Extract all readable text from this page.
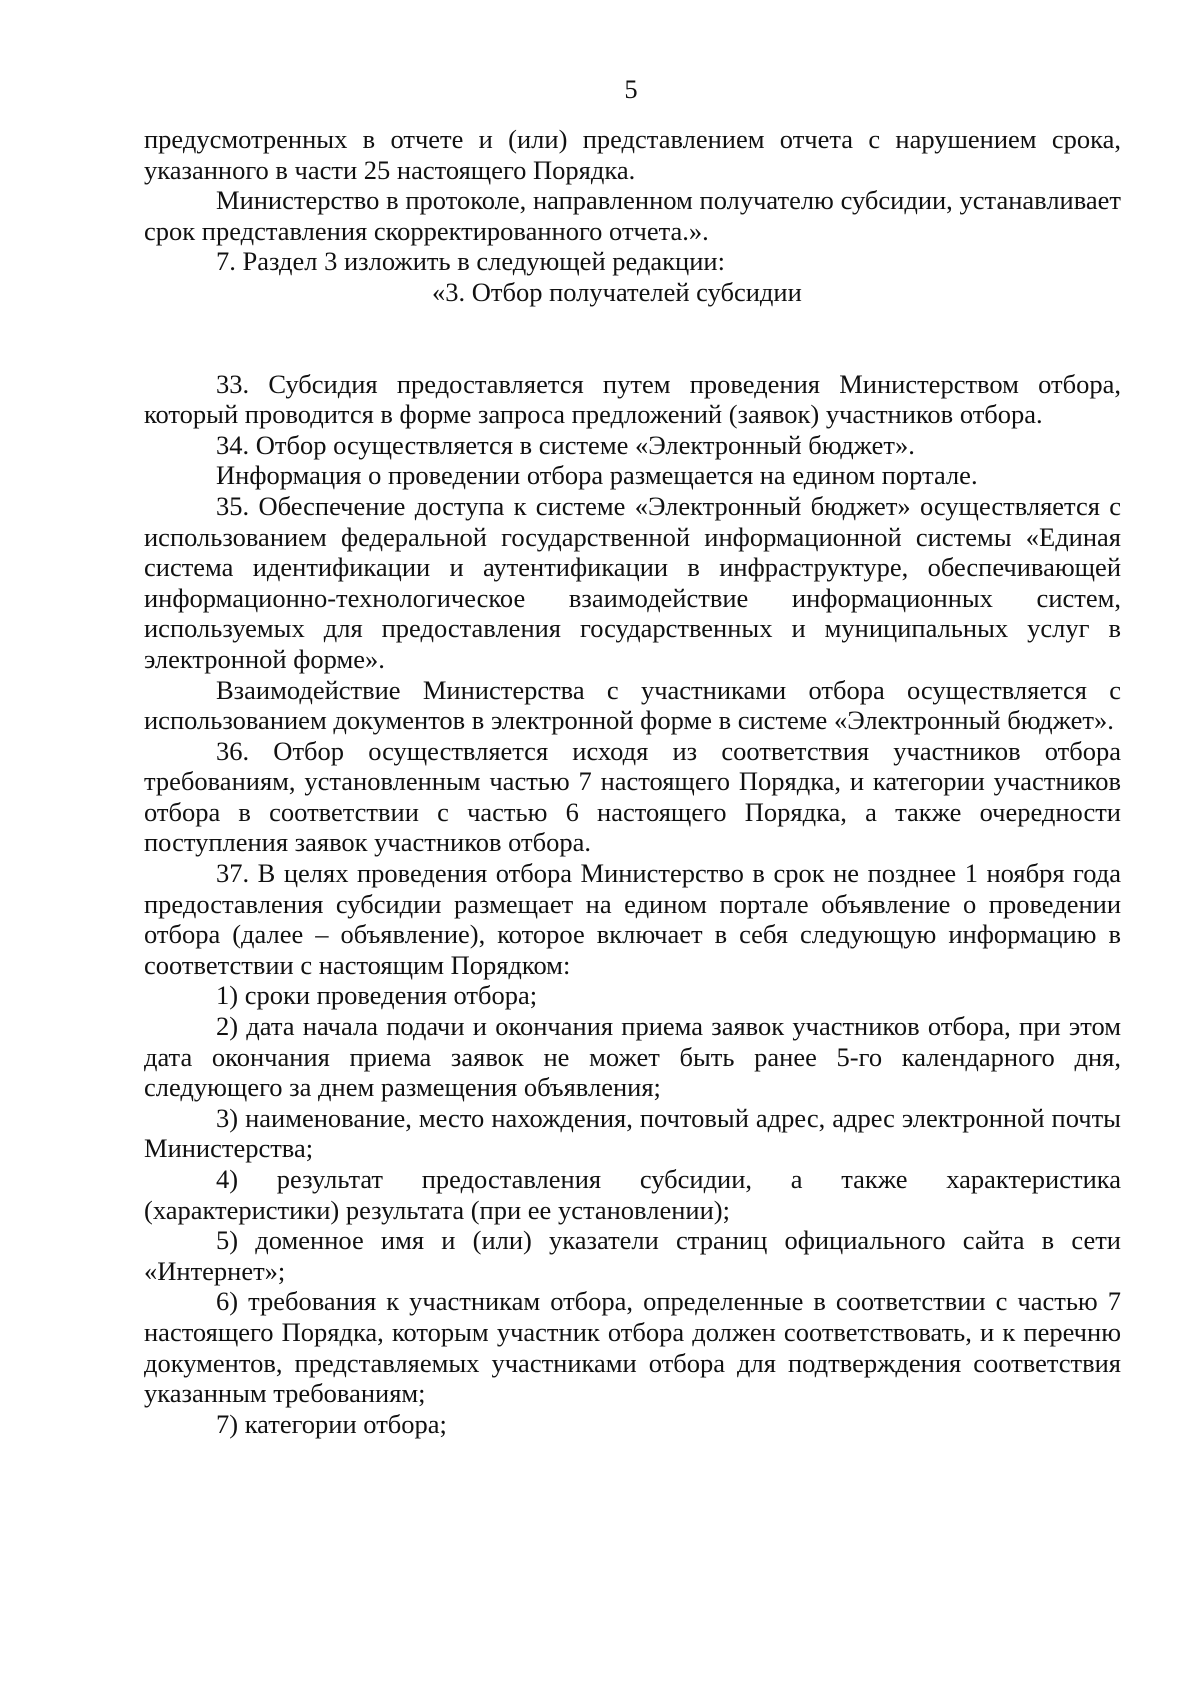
5

предусмотренных в отчете и (или) представлением отчета с нарушением срока, указанного в части 25 настоящего Порядка.

Министерство в протоколе, направленном получателю субсидии, устанавливает срок представления скорректированного отчета.».

7. Раздел 3 изложить в следующей редакции:

«3. Отбор получателей субсидии

33. Субсидия предоставляется путем проведения Министерством отбора, который проводится в форме запроса предложений (заявок) участников отбора.

34. Отбор осуществляется в системе «Электронный бюджет».

Информация о проведении отбора размещается на едином портале.

35. Обеспечение доступа к системе «Электронный бюджет» осуществляется с использованием федеральной государственной информационной системы «Единая система идентификации и аутентификации в инфраструктуре, обеспечивающей информационно-технологическое взаимодействие информационных систем, используемых для предоставления государственных и муниципальных услуг в электронной форме».

Взаимодействие Министерства с участниками отбора осуществляется с использованием документов в электронной форме в системе «Электронный бюджет».

36. Отбор осуществляется исходя из соответствия участников отбора требованиям, установленным частью 7 настоящего Порядка, и категории участников отбора в соответствии с частью 6 настоящего Порядка, а также очередности поступления заявок участников отбора.

37. В целях проведения отбора Министерство в срок не позднее 1 ноября года предоставления субсидии размещает на едином портале объявление о проведении отбора (далее – объявление), которое включает в себя следующую информацию в соответствии с настоящим Порядком:

1) сроки проведения отбора;

2) дата начала подачи и окончания приема заявок участников отбора, при этом дата окончания приема заявок не может быть ранее 5-го календарного дня, следующего за днем размещения объявления;

3) наименование, место нахождения, почтовый адрес, адрес электронной почты Министерства;

4) результат предоставления субсидии, а также характеристика (характеристики) результата (при ее установлении);

5) доменное имя и (или) указатели страниц официального сайта в сети «Интернет»;

6) требования к участникам отбора, определенные в соответствии с частью 7 настоящего Порядка, которым участник отбора должен соответствовать, и к перечню документов, представляемых участниками отбора для подтверждения соответствия указанным требованиям;

7) категории отбора;
